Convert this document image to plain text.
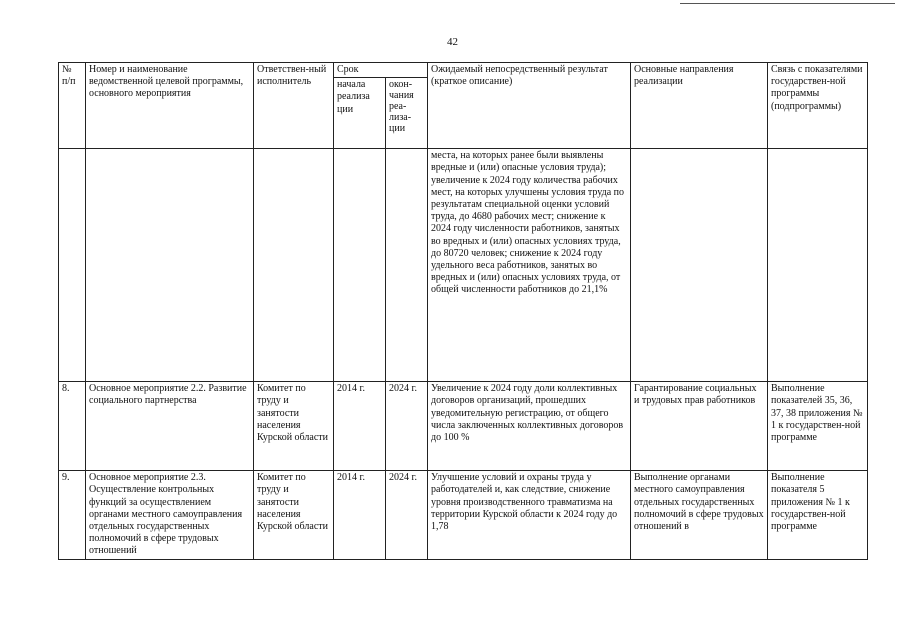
42
№ п/п	Номер и наименование ведомственной целевой программы, основного мероприятия	Ответствен-ный исполнитель	Срок		Ожидаемый непосредственный результат (краткое описание)	Основные направления реализации	Связь с показателями государствен-ной программы (подпрограммы)
			начала реализа ции	окон-чания реа-лиза-ции			
					места, на которых ранее были выявлены вредные и (или) опасные условия труда); увеличение к 2024 году количества рабочих мест, на которых улучшены условия труда по результатам специальной оценки условий труда, до 4680 рабочих мест; снижение к 2024 году численности работников, занятых во вредных и (или) опасных условиях труда, до 80720 человек; снижение к 2024 году удельного веса работников, занятых во вредных и (или) опасных условиях труда, от общей численности работников до 21,1%		
8.	Основное мероприятие 2.2. Развитие социального партнерства	Комитет по труду и занятости населения Курской области	2014 г.	2024 г.	Увеличение к 2024 году доли коллективных договоров организаций, прошедших уведомительную регистрацию, от общего числа заключенных коллективных договоров до 100 %	Гарантирование социальных и трудовых прав работников	Выполнение показателей 35, 36, 37, 38 приложения № 1 к государствен-ной программе
9.	Основное мероприятие 2.3. Осуществление контрольных функций за осуществлением органами местного самоуправления отдельных государственных полномочий в сфере трудовых отношений	Комитет по труду и занятости населения Курской области	2014 г.	2024 г.	Улучшение условий и охраны труда у работодателей и, как следствие, снижение уровня производственного травматизма на территории Курской области к 2024 году до 1,78	Выполнение органами местного самоуправления отдельных государственных полномочий в сфере трудовых отношений в	Выполнение показателя 5 приложения № 1 к государствен-ной программе
